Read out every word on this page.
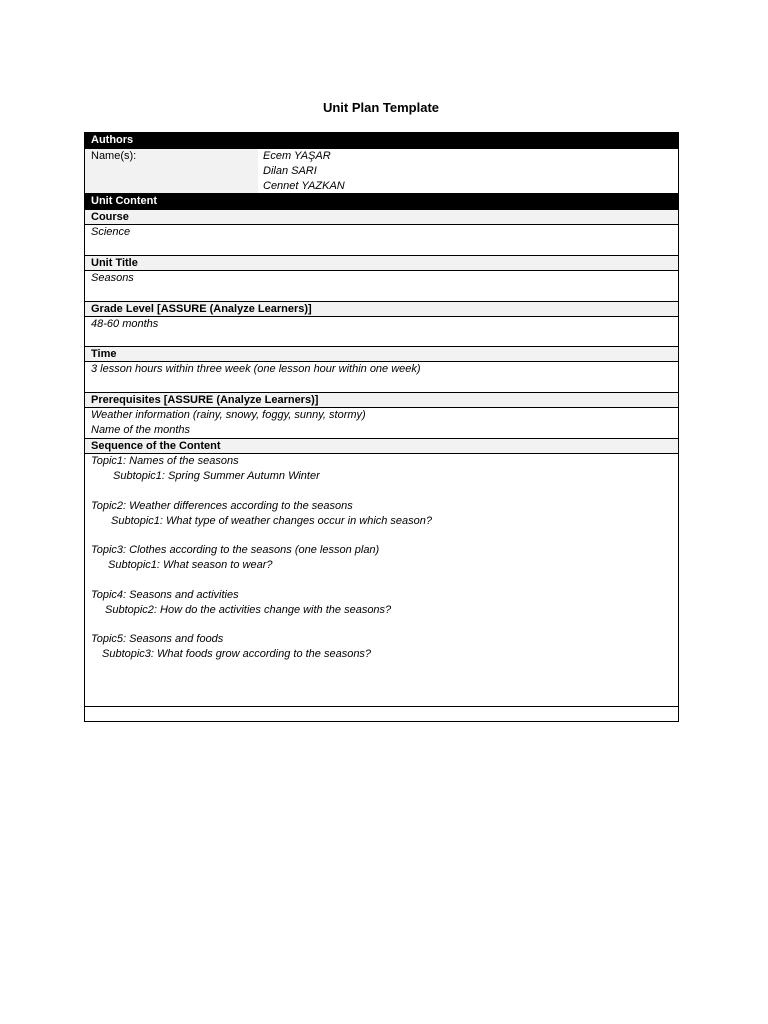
Unit Plan Template
Authors
Name(s):	Ecem YAŞAR
Dilan SARI
Cennet YAZKAN
Unit Content
Course
Science
Unit Title
Seasons
Grade Level [ASSURE (Analyze Learners)]
48-60 months
Time
3 lesson hours within three week (one lesson hour within one week)
Prerequisites [ASSURE (Analyze Learners)]
Weather information (rainy, snowy, foggy, sunny, stormy)
Name of the months
Sequence of the Content
Topic1: Names of the seasons
Subtopic1: Spring Summer Autumn Winter
Topic2: Weather differences according to the seasons
Subtopic1: What type of weather changes occur in which season?
Topic3: Clothes according to the seasons (one lesson plan)
Subtopic1: What season to wear?
Topic4: Seasons and activities
Subtopic2: How do the activities change with the seasons?
Topic5: Seasons and foods
Subtopic3: What foods grow according to the seasons?
